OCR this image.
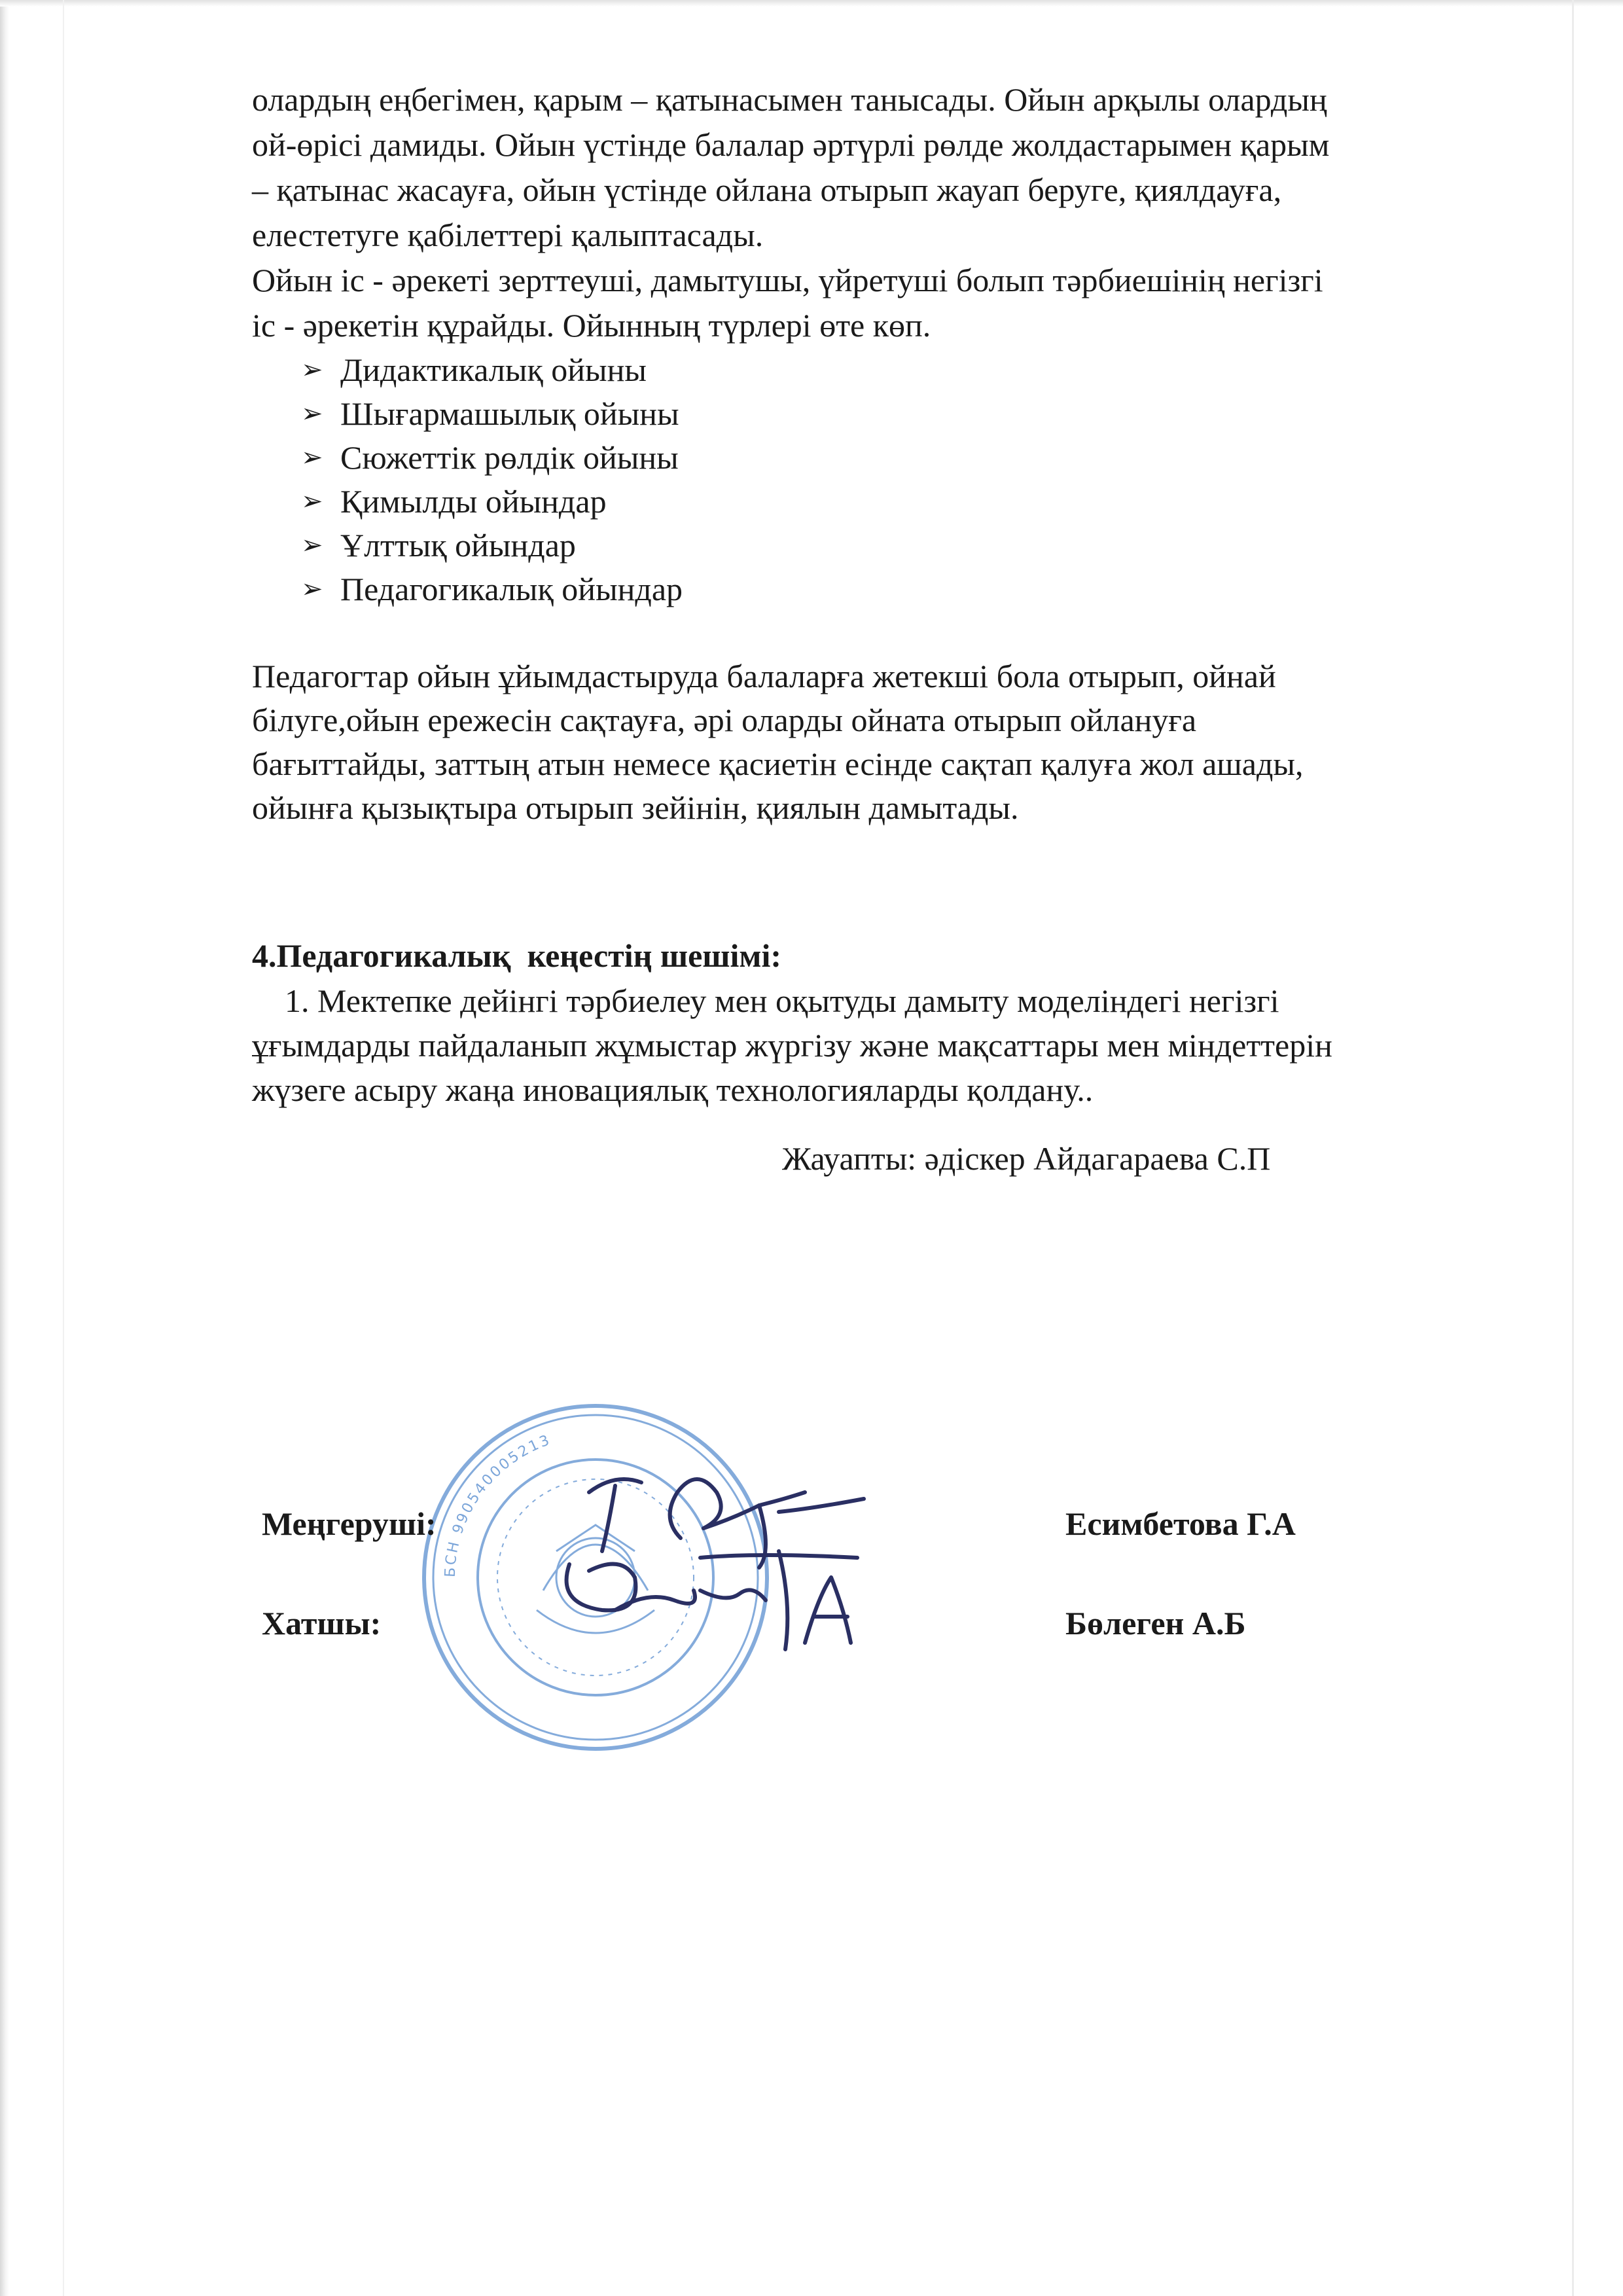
олардың еңбегімен, қарым – қатынасымен танысады. Ойын арқылы олардың

ой-өрісі дамиды. Ойын үстінде балалар әртүрлі рөлде жолдастарымен қарым

– қатынас жасауға, ойын үстінде ойлана отырып жауап беруге, қиялдауға,

елестетуге қабілеттері қалыптасады.

Ойын іс - әрекеті зерттеуші, дамытушы, үйретуші болып тәрбиешінің негізгі

іс - әрекетін құрайды. Ойынның түрлері өте көп.

➢ Дидактикалық ойыны
➢ Шығармашылық ойыны
➢ Сюжеттік рөлдік ойыны
➢ Қимылды ойындар
➢ Ұлттық ойындар
➢ Педагогикалық ойындар

Педагогтар ойын ұйымдастыруда балаларға жетекші бола отырып, ойнай

білуге,ойын ережесін сақтауға, әрі оларды ойната отырып ойлануға

бағыттайды, заттың атын немесе қасиетін есінде сақтап қалуға жол ашады,

ойынға қызықтыра отырып зейінін, қиялын дамытады.

4.Педагогикалық  кеңестің шешімі:

1. Мектепке дейінгі тәрбиелеу мен оқытуды дамыту моделіндегі негізгі

ұғымдарды пайдаланып жұмыстар жүргізу және мақсаттары мен міндеттерін

жүзеге асыру жаңа иновациялық технологияларды қолдану..

Жауапты: әдіскер Айдагараева С.П
БСН 990540005213
Меңгеруші:	Есимбетова Г.А
Хатшы:	Бөлеген А.Б
